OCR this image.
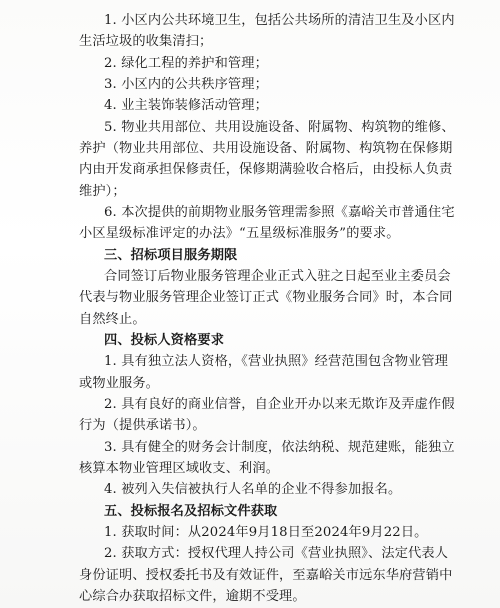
1. 小区内公共环境卫生，包括公共场所的清洁卫生及小区内
生活垃圾的收集清扫；
2. 绿化工程的养护和管理；
3. 小区内的公共秩序管理；
4. 业主装饰装修活动管理；
5. 物业共用部位、共用设施设备、附属物、构筑物的维修、
养护（物业共用部位、共用设施设备、附属物、构筑物在保修期
内由开发商承担保修责任，保修期满验收合格后，由投标人负责
维护）；
6. 本次提供的前期物业服务管理需参照《嘉峪关市普通住宅
小区星级标准评定的办法》“五星级标准服务”的要求。
三、招标项目服务期限
合同签订后物业服务管理企业正式入驻之日起至业主委员会
代表与物业服务管理企业签订正式《物业服务合同》时，本合同
自然终止。
四、投标人资格要求
1. 具有独立法人资格，《营业执照》经营范围包含物业管理
或物业服务。
2. 具有良好的商业信誉，自企业开办以来无欺诈及弄虚作假
行为（提供承诺书）。
3. 具有健全的财务会计制度，依法纳税、规范建账，能独立
核算本物业管理区域收支、利润。
4. 被列入失信被执行人名单的企业不得参加报名。
五、投标报名及招标文件获取
1. 获取时间：从2024年9月18日至2024年9月22日。
2. 获取方式：授权代理人持公司《营业执照》、法定代表人
身份证明、授权委托书及有效证件，至嘉峪关市远东华府营销中
心综合办获取招标文件，逾期不受理。
